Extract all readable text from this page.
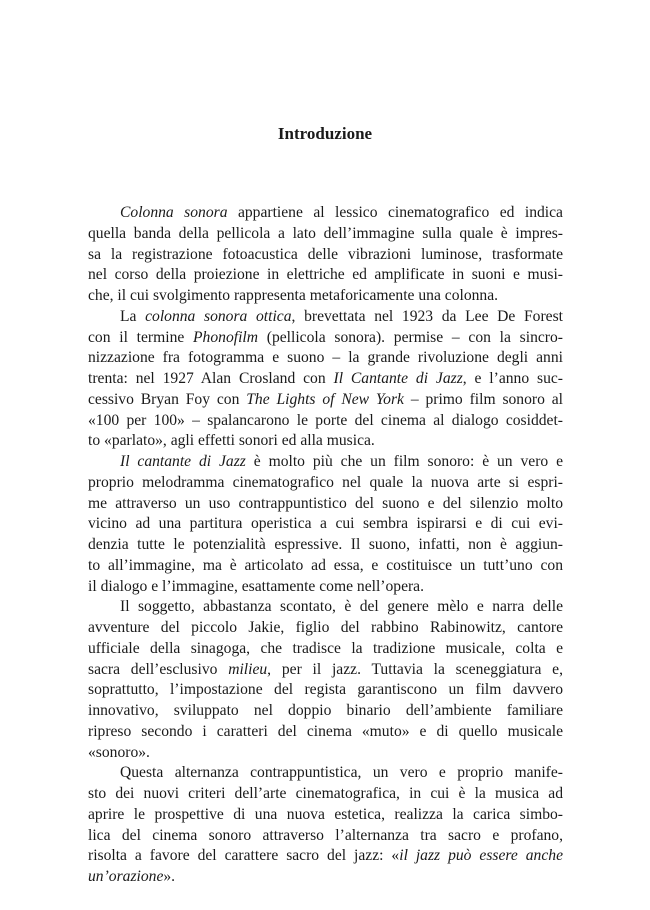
Introduzione

Colonna sonora appartiene al lessico cinematografico ed indica

quella banda della pellicola a lato dell’immagine sulla quale è impres-

sa la registrazione fotoacustica delle vibrazioni luminose, trasformate

nel corso della proiezione in elettriche ed amplificate in suoni e musi-

che, il cui svolgimento rappresenta metaforicamente una colonna.

La colonna sonora ottica, brevettata nel 1923 da Lee De Forest

con il termine Phonofilm (pellicola sonora). permise – con la sincro-

nizzazione fra fotogramma e suono – la grande rivoluzione degli anni

trenta: nel 1927 Alan Crosland con Il Cantante di Jazz, e l’anno suc-

cessivo Bryan Foy con The Lights of New York – primo film sonoro al

«100 per 100» – spalancarono le porte del cinema al dialogo cosiddet-

to «parlato», agli effetti sonori ed alla musica.

Il cantante di Jazz è molto più che un film sonoro: è un vero e

proprio melodramma cinematografico nel quale la nuova arte si espri-

me attraverso un uso contrappuntistico del suono e del silenzio molto

vicino ad una partitura operistica a cui sembra ispirarsi e di cui evi-

denzia tutte le potenzialità espressive. Il suono, infatti, non è aggiun-

to all’immagine, ma è articolato ad essa, e costituisce un tutt’uno con

il dialogo e l’immagine, esattamente come nell’opera.

Il soggetto, abbastanza scontato, è del genere mèlo e narra delle

avventure del piccolo Jakie, figlio del rabbino Rabinowitz, cantore

ufficiale della sinagoga, che tradisce la tradizione musicale, colta e

sacra dell’esclusivo milieu, per il jazz. Tuttavia la sceneggiatura e,

soprattutto, l’impostazione del regista garantiscono un film davvero

innovativo, sviluppato nel doppio binario dell’ambiente familiare

ripreso secondo i caratteri del cinema «muto» e di quello musicale

«sonoro».

Questa alternanza contrappuntistica, un vero e proprio manife-

sto dei nuovi criteri dell’arte cinematografica, in cui è la musica ad

aprire le prospettive di una nuova estetica, realizza la carica simbo-

lica del cinema sonoro attraverso l’alternanza tra sacro e profano,

risolta a favore del carattere sacro del jazz: «il jazz può essere anche

un’orazione».
